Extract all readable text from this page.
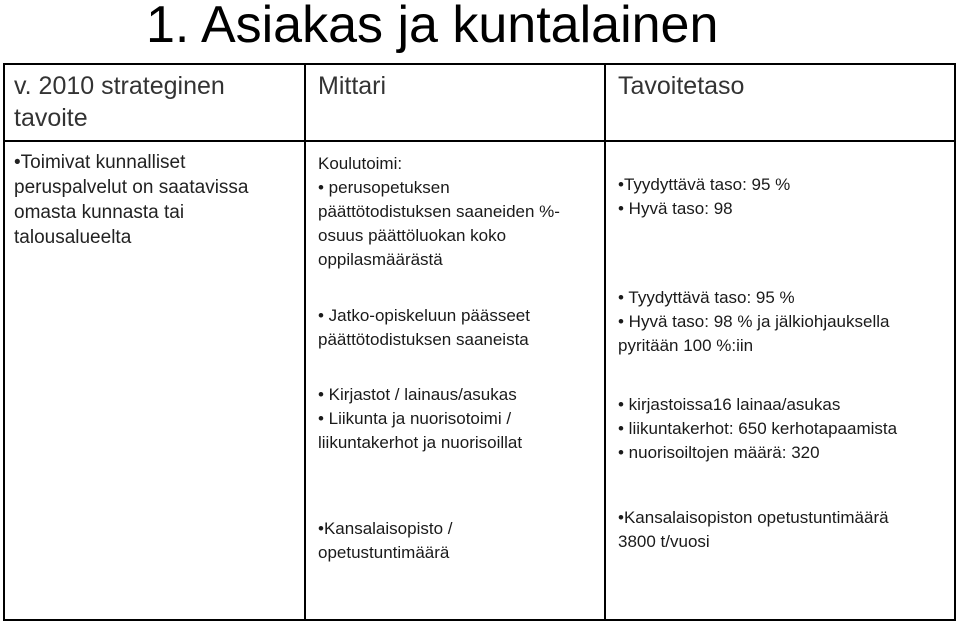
1. Asiakas ja kuntalainen
v. 2010 strateginen
tavoite
Mittari	Tavoitetaso
•Toimivat kunnalliset
peruspalvelut on saatavissa
omasta kunnasta tai
talousalueelta
Koulutoimi:
• perusopetuksen
päättötodistuksen saaneiden %-
osuus päättöluokan koko
oppilasmäärästä
• Jatko-opiskeluun päässeet
päättötodistuksen saaneista
• Kirjastot / lainaus/asukas
• Liikunta ja nuorisotoimi /
liikuntakerhot ja nuorisoillat
•Kansalaisopisto /
opetustuntimäärä
•Tyydyttävä taso: 95 %
• Hyvä taso: 98
• Tyydyttävä taso: 95 %
• Hyvä taso: 98 % ja jälkiohjauksella
pyritään 100 %:iin
• kirjastoissa16 lainaa/asukas
• liikuntakerhot: 650 kerhotapaamista
• nuorisoiltojen määrä: 320
•Kansalaisopiston opetustuntimäärä
3800 t/vuosi
